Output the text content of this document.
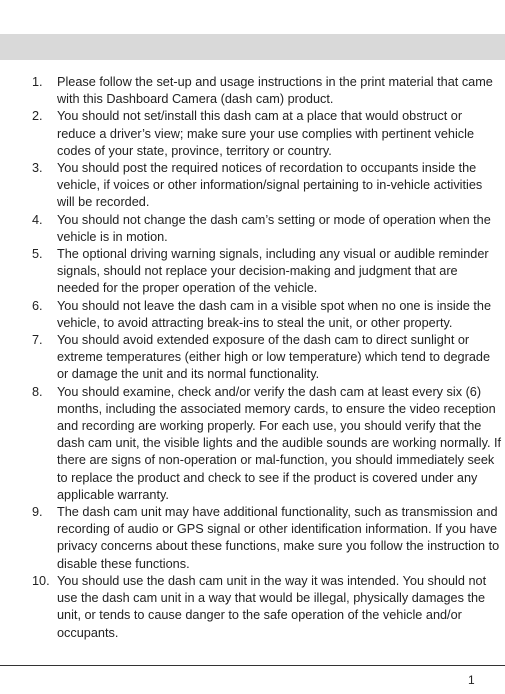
1. Please follow the set-up and usage instructions in the print material that came with this Dashboard Camera (dash cam) product.
2. You should not set/install this dash cam at a place that would obstruct or reduce a driver’s view; make sure your use complies with pertinent vehicle codes of your state, province, territory or country.
3. You should post the required notices of recordation to occupants inside the vehicle, if voices or other information/signal pertaining to in-vehicle activities will be recorded.
4. You should not change the dash cam’s setting or mode of operation when the vehicle is in motion.
5. The optional driving warning signals, including any visual or audible reminder signals, should not replace your decision-making and judgment that are needed for the proper operation of the vehicle.
6. You should not leave the dash cam in a visible spot when no one is inside the vehicle, to avoid attracting break-ins to steal the unit, or other property.
7. You should avoid extended exposure of the dash cam to direct sunlight or extreme temperatures (either high or low temperature) which tend to degrade or damage the unit and its normal functionality.
8. You should examine, check and/or verify the dash cam at least every six (6) months, including the associated memory cards, to ensure the video reception and recording are working properly. For each use, you should verify that the dash cam unit, the visible lights and the audible sounds are working normally. If there are signs of non-operation or mal-function, you should immediately seek to replace the product and check to see if the product is covered under any applicable warranty.
9. The dash cam unit may have additional functionality, such as transmission and recording of audio or GPS signal or other identification information. If you have privacy concerns about these functions, make sure you follow the instruction to disable these functions.
10. You should use the dash cam unit in the way it was intended. You should not use the dash cam unit in a way that would be illegal, physically damages the unit, or tends to cause danger to the safe operation of the vehicle and/or occupants.
1
